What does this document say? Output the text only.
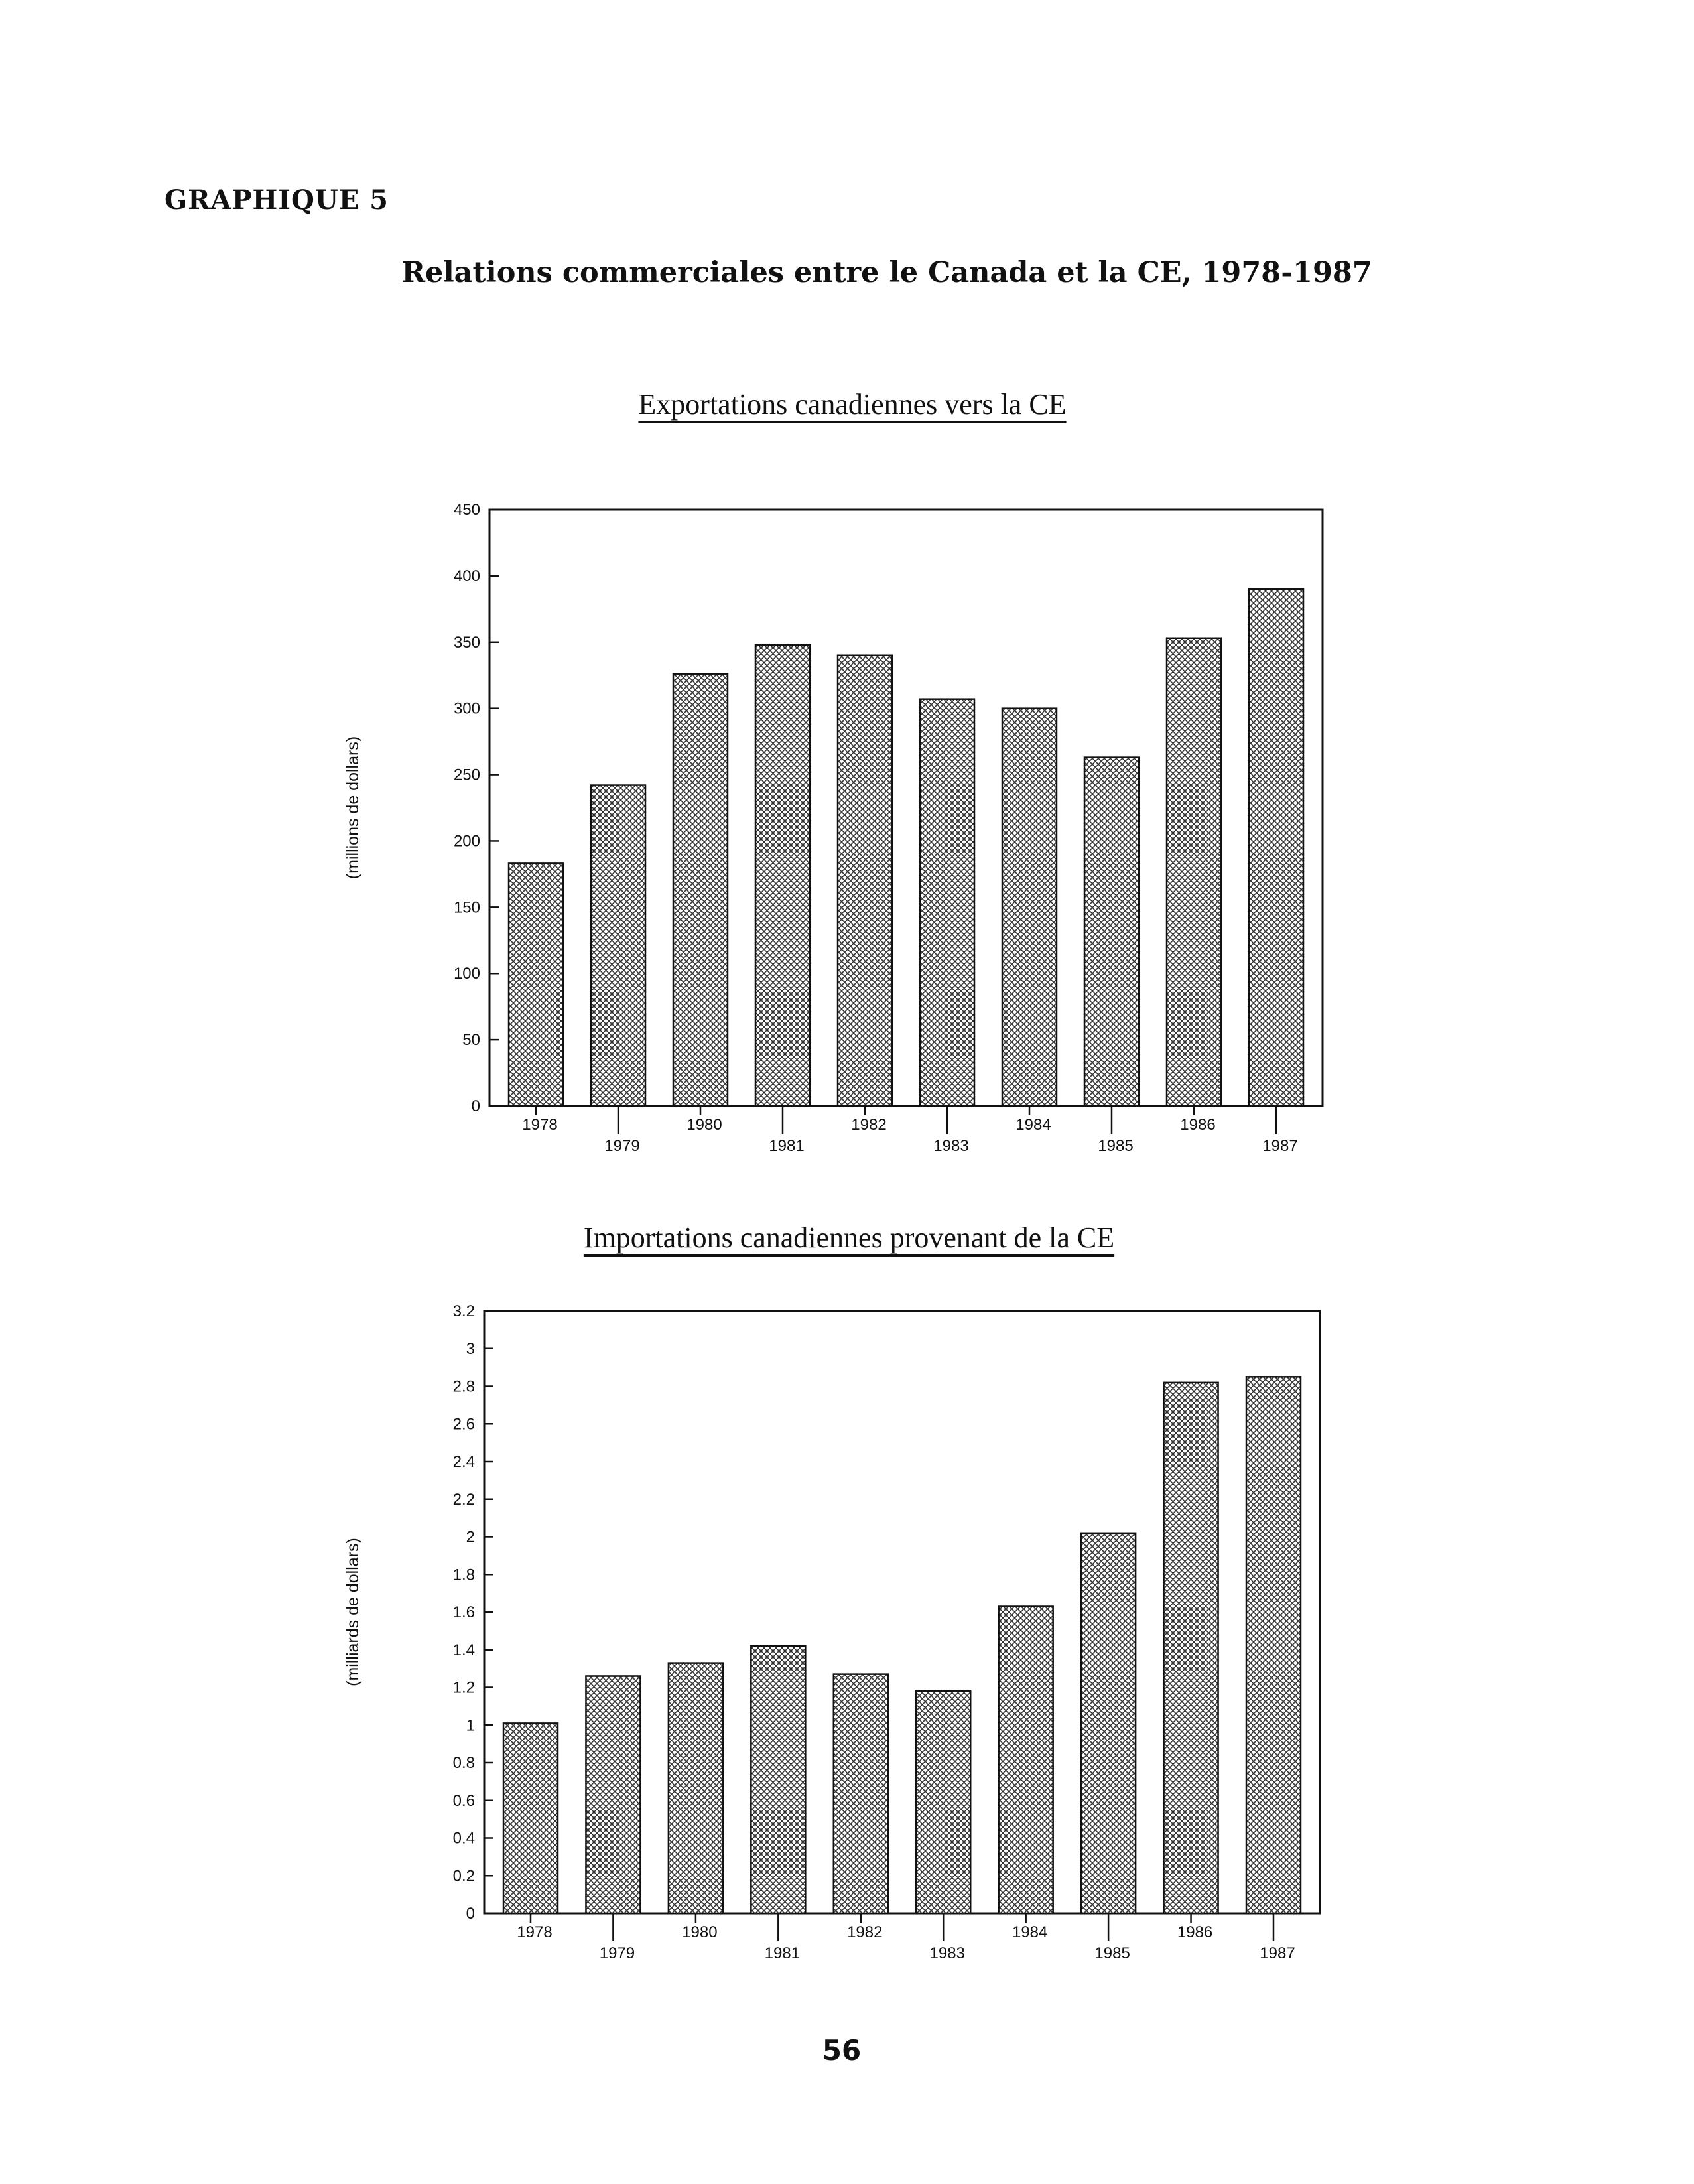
GRAPHIQUE 5
Relations commerciales entre le Canada et la CE, 1978-1987
Exportations canadiennes vers la CE
0
50
100
150
200
250
300
350
400
450
(millions de dollars)
1978
1979
1980
1981
1982
1983
1984
1985
1986
1987
0
0.2
0.4
0.6
0.8
1
1.2
1.4
1.6
1.8
2
2.2
2.4
2.6
2.8
3
3.2
(milliards de dollars)
1978
1979
1980
1981
1982
1983
1984
1985
1986
1987
Importations canadiennes provenant de la CE
56
